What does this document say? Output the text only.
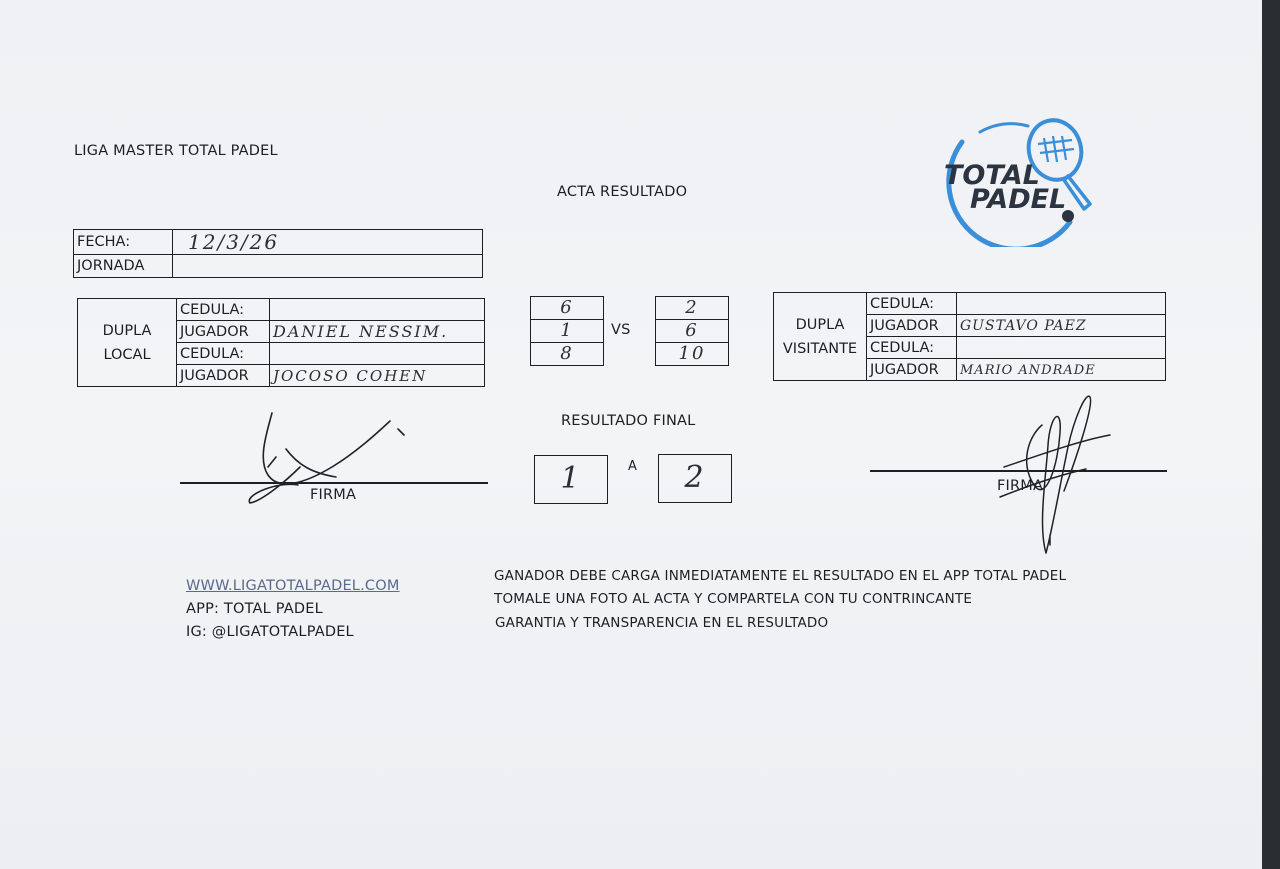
LIGA MASTER TOTAL PADEL
ACTA RESULTADO
TOTAL
PADEL
FECHA:	12/3/26
JORNADA	
DUPLA
LOCAL	CEDULA:	
	JUGADOR	DANIEL NESSIM.
	CEDULA:	
	JUGADOR	JOCOSO COHEN
6
1
8
VS
2
6
10
DUPLA
VISITANTE	CEDULA:	
	JUGADOR	GUSTAVO PAEZ
	CEDULA:	
	JUGADOR	MARIO ANDRADE
RESULTADO FINAL
1	A	2
FIRMA
FIRMA
WWW.LIGATOTALPADEL.COM
APP: TOTAL PADEL
IG: @LIGATOTALPADEL
GANADOR DEBE CARGA INMEDIATAMENTE EL RESULTADO EN EL APP TOTAL PADEL
TOMALE UNA FOTO AL ACTA Y COMPARTELA CON TU CONTRINCANTE
GARANTIA Y TRANSPARENCIA EN EL RESULTADO
